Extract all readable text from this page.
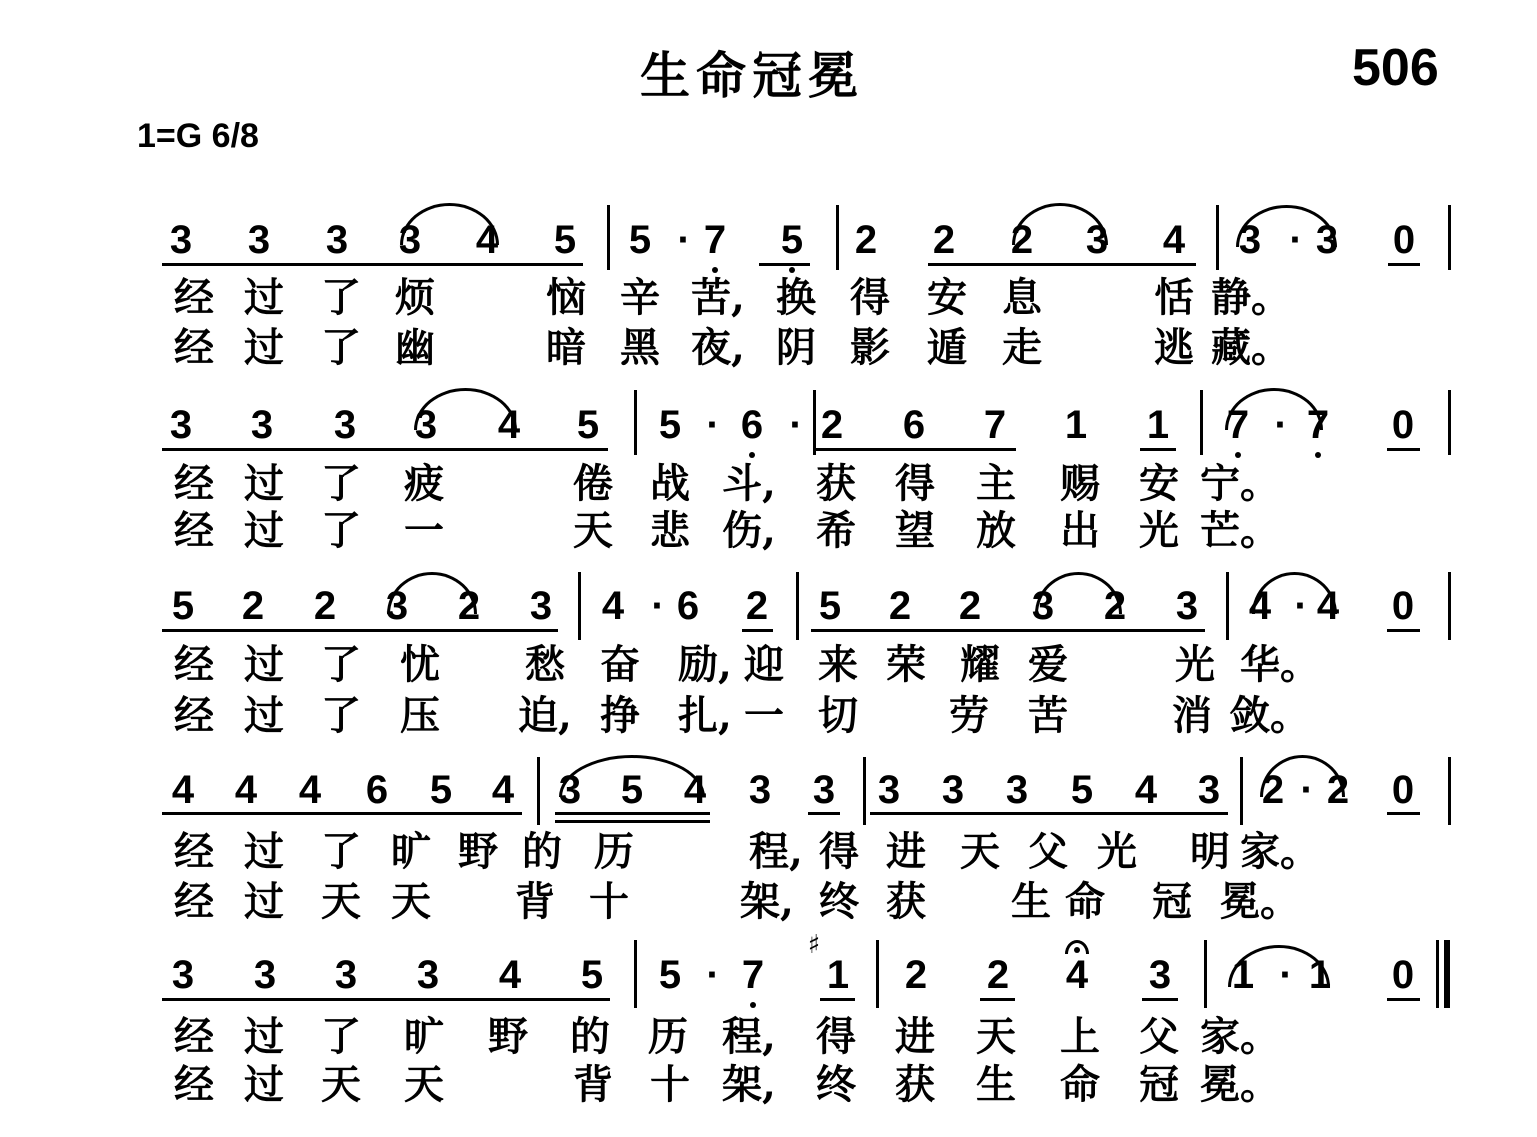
生命冠冕	506
1=G 6/8
3 3 3 3 4 5 5 · 7 5 2 2 2 3 4 3 · 3 0
经 过 了 烦	恼 辛 苦, 换 得 安 息	恬 静。
经 过 了 幽	暗 黑 夜, 阴 影 遁 走	逃 藏。
3 3 3 3 4 5 5 · 6 · 2 6 7 1 1 7 · 7 0
经 过 了 疲	倦 战 斗, 获 得 主 赐 安 宁。
经 过 了 一	天 悲 伤, 希 望 放 出 光 芒。
5 2 2 3 2 3 4 · 6 2 5 2 2 3 2 3 4 · 4 0
经 过 了 忧 愁 奋 励, 迎 来 荣 耀 爱	光 华。
经 过 了 压 迫, 挣 扎, 一 切 劳 苦	消 敛。
4 4 4 6 5 4 3 5 4 3 3 3 3 3 5 4 3 2 · 2 0
经 过 了 旷 野 的 历	程, 得 进 天 父 光 明 家。
经 过 天 天 背 十	架, 终 获 生 命 冠 冕。
3 3 3 3 4 5 5 · 7
♯
1 2 2 4 3 1 · 1 0
经 过 了 旷 野 的 历 程, 得 进 天 上 父 家。
经 过 天 天	背 十 架, 终 获 生 命 冠 冕。
